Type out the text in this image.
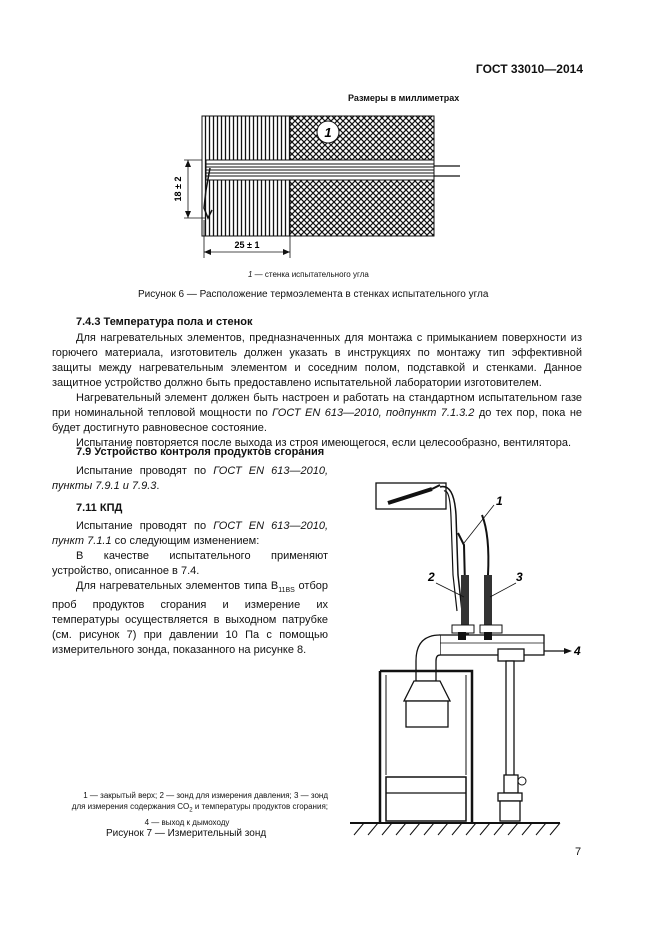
ГОСТ 33010—2014
Размеры в миллиметрах
1
18 ± 2
25 ± 1
1 — стенка испытательного угла
Рисунок 6 — Расположение термоэлемента в стенках испытательного угла
7.4.3 Температура пола и стенок

Для нагревательных элементов, предназначенных для монтажа с примыканием поверхности из горючего материала, изготовитель должен указать в инструкциях по монтажу тип эффективной защиты между нагревательным элементом и соседним полом, подставкой и стенками. Данное защитное устройство должно быть предоставлено испытательной лаборатории изготовителем.

Нагревательный элемент должен быть настроен и работать на стандартном испытательном газе при номинальной тепловой мощности по ГОСТ EN 613—2010, подпункт 7.1.3.2 до тех пор, пока не будет достигнуто равновесное состояние.

Испытание повторяется после выхода из строя имеющегося, если целесообразно, вентилятора.

7.9 Устройство контроля продуктов сгорания

Испытание проводят по ГОСТ EN 613—2010, пункты 7.9.1 и 7.9.3.

7.11 КПД

Испытание проводят по ГОСТ EN 613—2010, пункт 7.1.1 со следующим изменением:

В качестве испытательного применяют устройство, описанное в 7.4.

Для нагревательных элементов типа $B_{11BS}$ отбор проб продуктов сгорания и измерение их температуры осуществляется в выходном патрубке (см. рисунок 7) при давлении 10 Па с помощью измерительного зонда, показанного на рисунке 8.

1
2	3
4
1 — закрытый верх; 2 — зонд для измерения давления; 3 — зонд
для измерения содержания $CO_2$ и температуры продуктов сгорания;
4 — выход к дымоходу
Рисунок 7 — Измерительный зонд
7
